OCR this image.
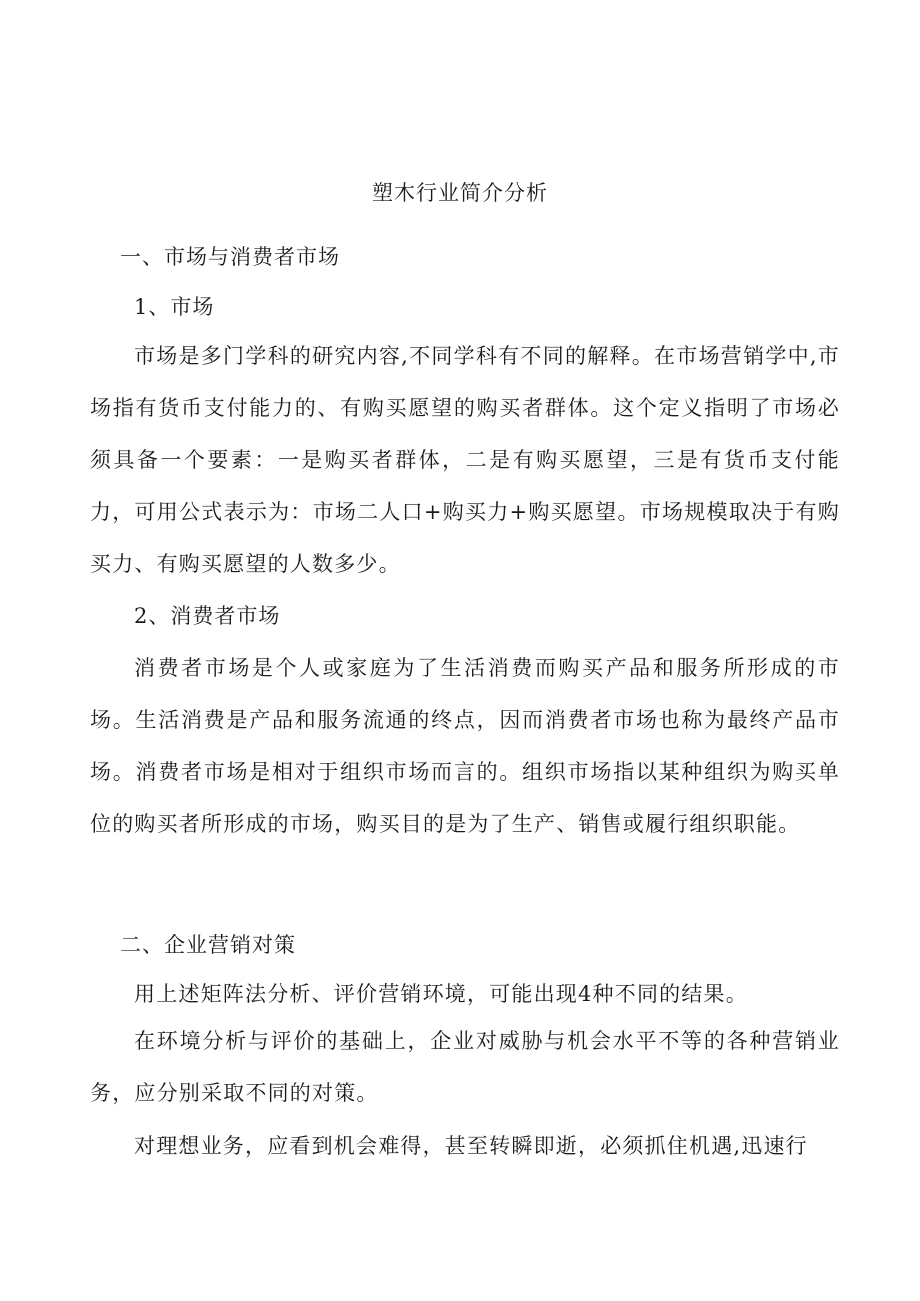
塑木行业简介分析
一、市场与消费者市场
1、市场

市场是多门学科的研究内容,不同学科有不同的解释。在市场营销学中,市场指有货币支付能力的、有购买愿望的购买者群体。这个定义指明了市场必须具备一个要素：一是购买者群体，二是有购买愿望，三是有货币支付能力，可用公式表示为：市场二人口+购买力+购买愿望。市场规模取决于有购买力、有购买愿望的人数多少。

2、消费者市场

消费者市场是个人或家庭为了生活消费而购买产品和服务所形成的市场。生活消费是产品和服务流通的终点，因而消费者市场也称为最终产品市场。消费者市场是相对于组织市场而言的。组织市场指以某种组织为购买单位的购买者所形成的市场，购买目的是为了生产、销售或履行组织职能。

二、企业营销对策

用上述矩阵法分析、评价营销环境，可能出现4种不同的结果。

在环境分析与评价的基础上，企业对威胁与机会水平不等的各种营销业务，应分别采取不同的对策。

对理想业务，应看到机会难得，甚至转瞬即逝，必须抓住机遇,迅速行
